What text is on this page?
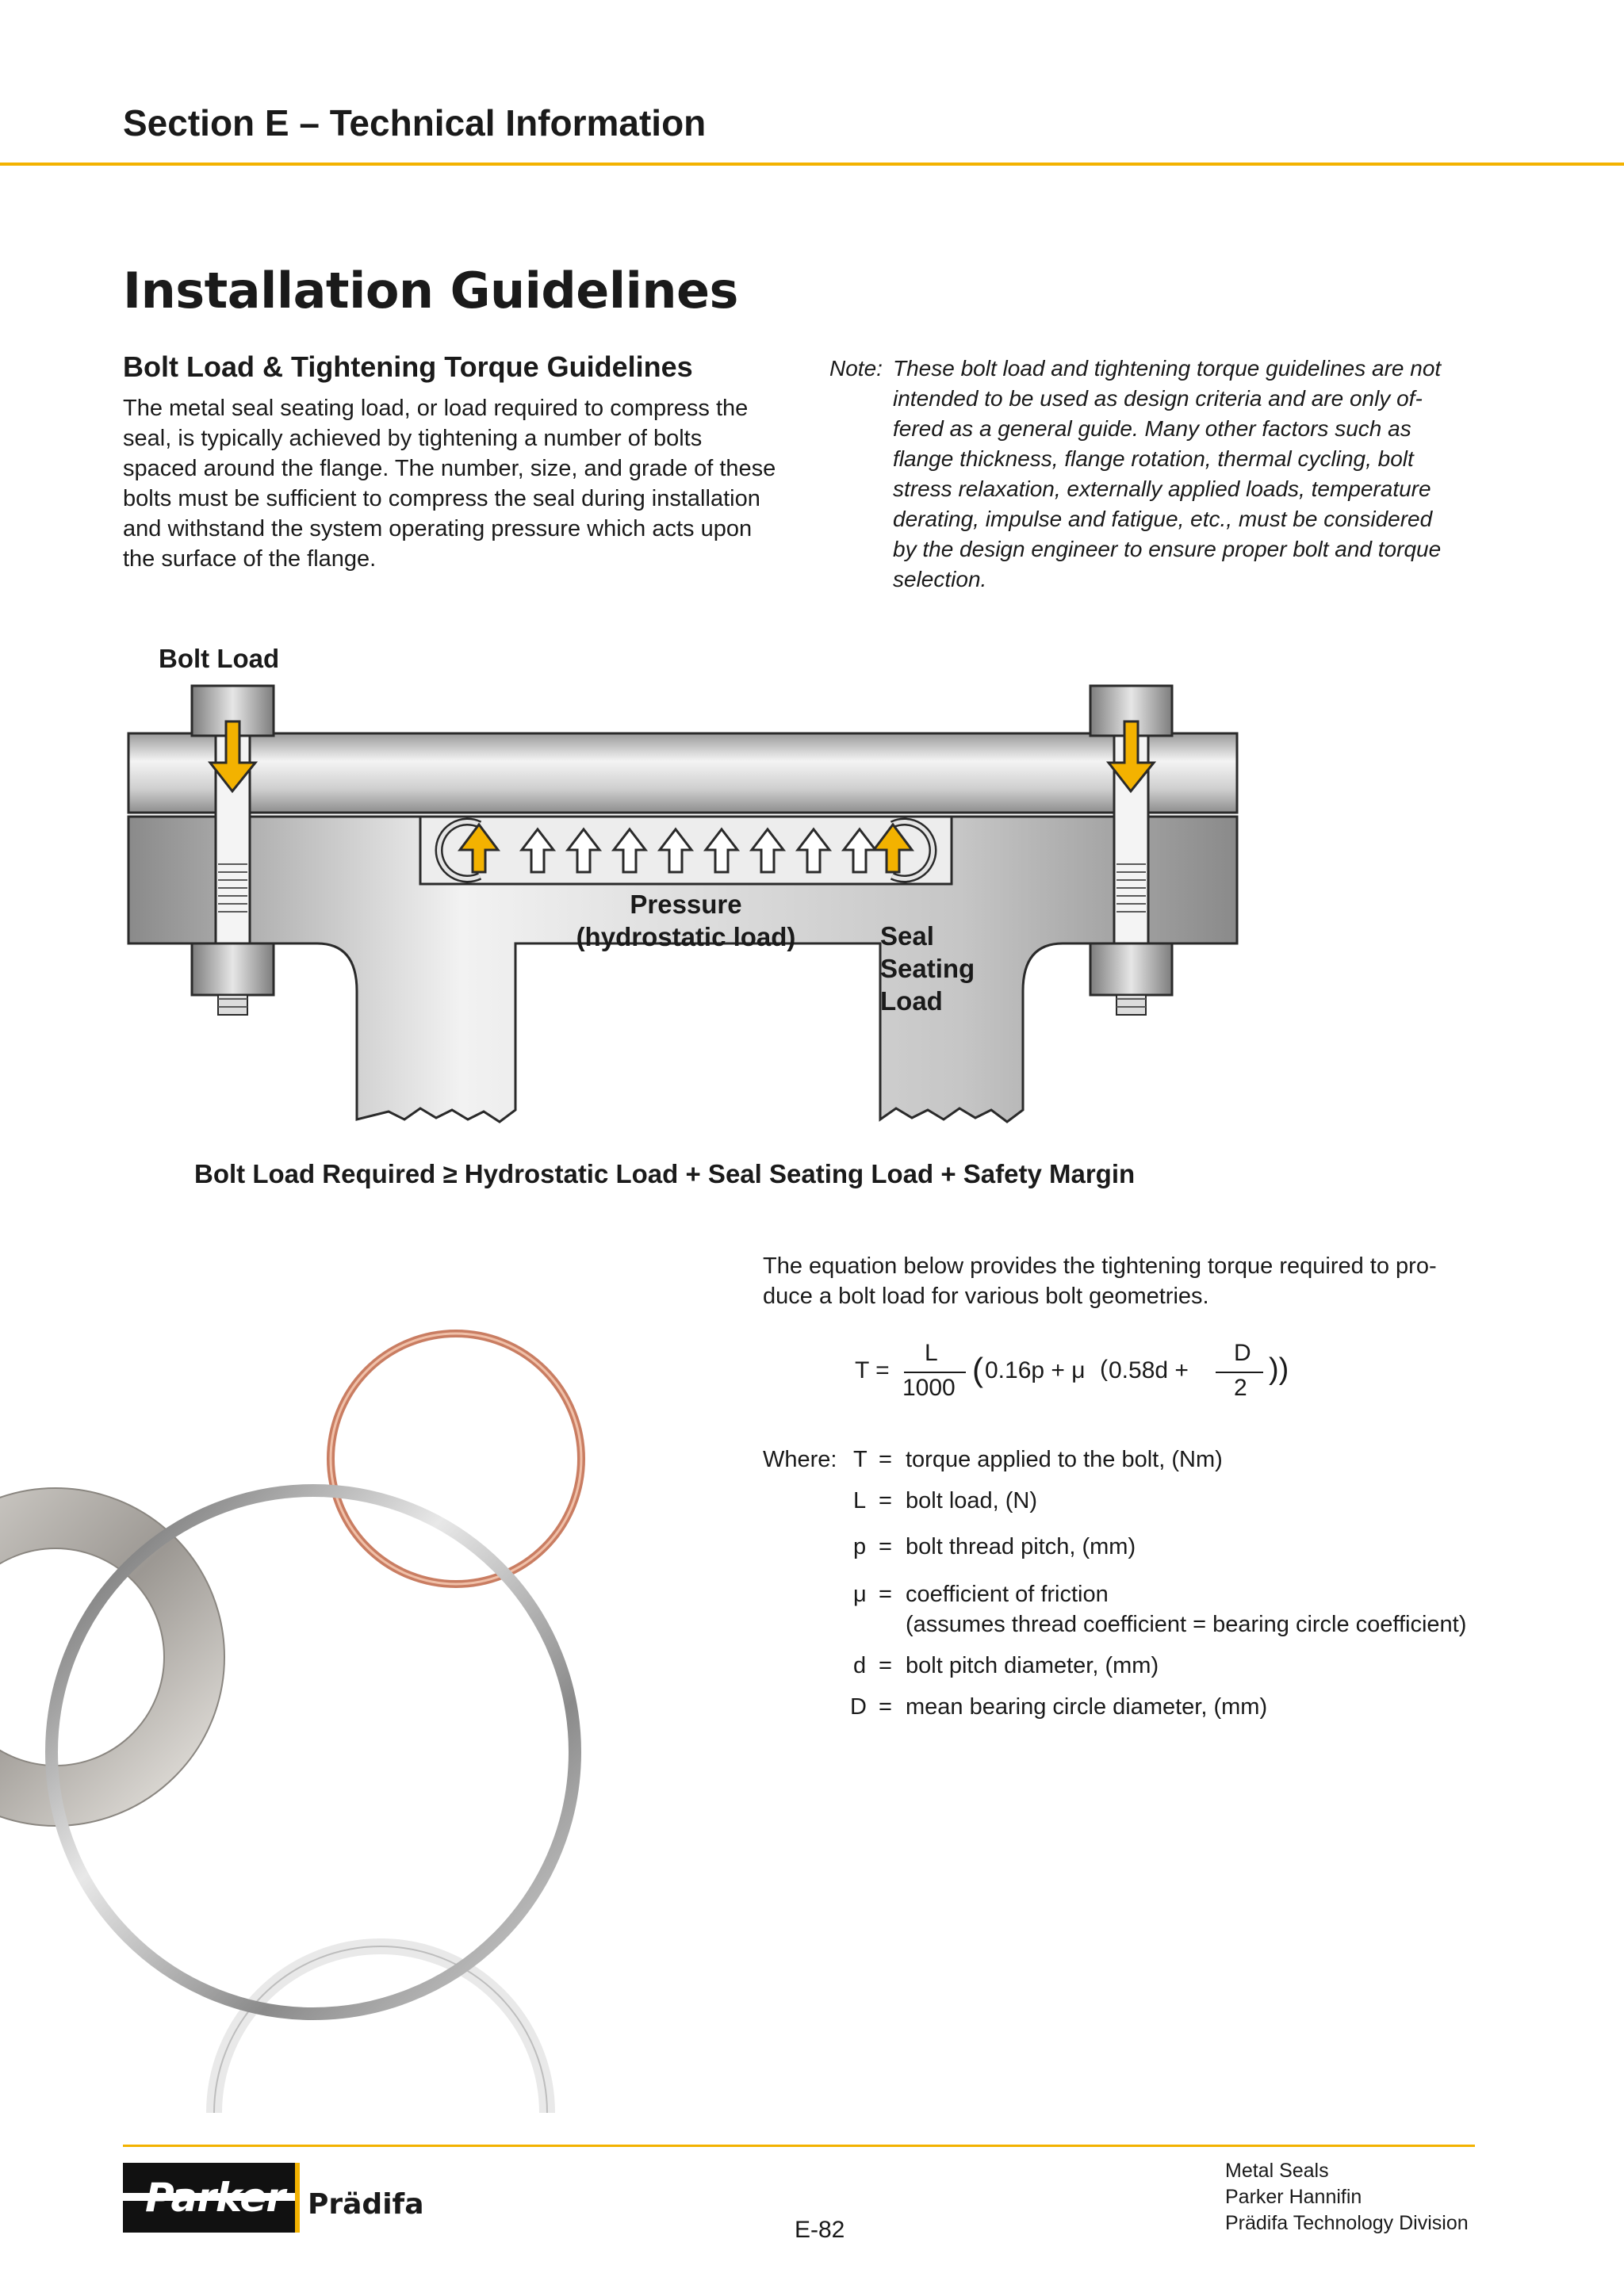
Section E – Technical Information
Installation Guidelines
Bolt Load & Tightening Torque Guidelines
The metal seal seating load, or load required to compress the
seal, is typically achieved by tightening a number of bolts
spaced around the flange. The number, size, and grade of these
bolts must be sufficient to compress the seal during installation
and withstand the system operating pressure which acts upon
the surface of the flange.
Note: These bolt load and tightening torque guidelines are not
intended to be used as design criteria and are only of-
fered as a general guide. Many other factors such as
flange thickness, flange rotation, thermal cycling, bolt
stress relaxation, externally applied loads, temperature
derating, impulse and fatigue, etc., must be considered
by the design engineer to ensure proper bolt and torque
selection.
Bolt Load
Pressure
(hydrostatic load)	Seal
Seating
Load
Bolt Load Required ≥ Hydrostatic Load + Seal Seating Load + Safety Margin
The equation below provides the tightening torque required to pro-
duce a bolt load for various bolt geometries.
T =
L
1000 ( 0.16p + μ ( 0.58d +
D
2
))
Where: T = torque applied to the bolt, (Nm)
L = bolt load, (N)
p = bolt thread pitch, (mm)
μ = coefficient of friction
(assumes thread coefficient = bearing circle coefficient)
d = bolt pitch diameter, (mm)
D = mean bearing circle diameter, (mm)
Parker Prädifa
E-82
Metal Seals
Parker Hannifin
Prädifa Technology Division
